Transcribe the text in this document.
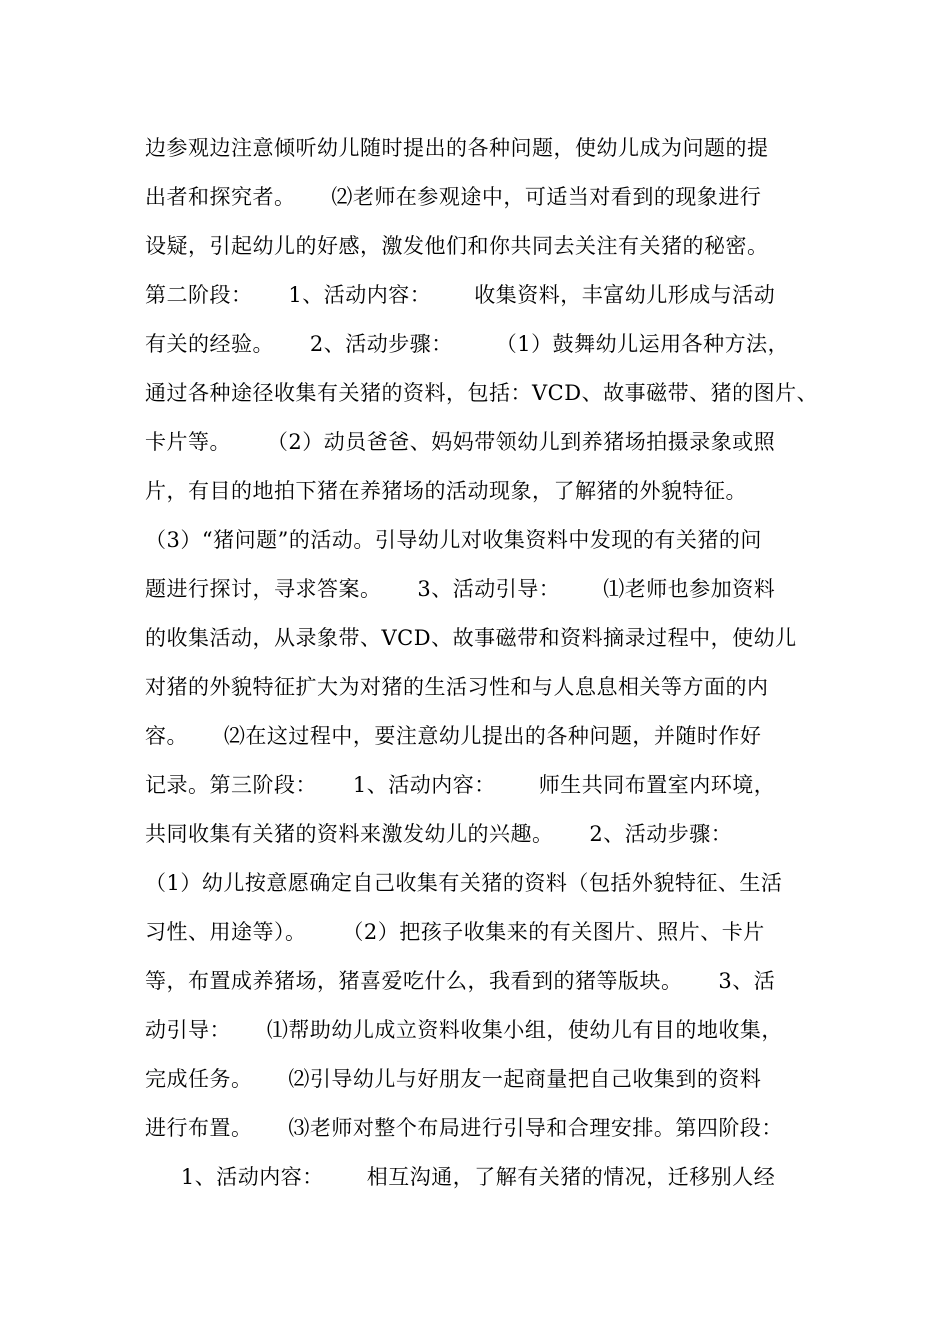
边参观边注意倾听幼儿随时提出的各种问题，使幼儿成为问题的提
出者和探究者。     ⑵老师在参观途中，可适当对看到的现象进行
设疑，引起幼儿的好感，激发他们和你共同去关注有关猪的秘密。
第二阶段：     1、活动内容：      收集资料，丰富幼儿形成与活动
有关的经验。     2、活动步骤：      （1）鼓舞幼儿运用各种方法，
通过各种途径收集有关猪的资料，包括：VCD、故事磁带、猪的图片、
卡片等。     （2）动员爸爸、妈妈带领幼儿到养猪场拍摄录象或照
片，有目的地拍下猪在养猪场的活动现象，了解猪的外貌特征。
（3）“猪问题”的活动。引导幼儿对收集资料中发现的有关猪的问
题进行探讨，寻求答案。     3、活动引导：      ⑴老师也参加资料
的收集活动，从录象带、VCD、故事磁带和资料摘录过程中，使幼儿
对猪的外貌特征扩大为对猪的生活习性和与人息息相关等方面的内
容。     ⑵在这过程中，要注意幼儿提出的各种问题，并随时作好
记录。第三阶段：     1、活动内容：      师生共同布置室内环境，
共同收集有关猪的资料来激发幼儿的兴趣。     2、活动步骤：
（1）幼儿按意愿确定自己收集有关猪的资料（包括外貌特征、生活
习性、用途等）。     （2）把孩子收集来的有关图片、照片、卡片
等，布置成养猪场，猪喜爱吃什么，我看到的猪等版块。     3、活
动引导：     ⑴帮助幼儿成立资料收集小组，使幼儿有目的地收集，
完成任务。     ⑵引导幼儿与好朋友一起商量把自己收集到的资料
进行布置。     ⑶老师对整个布局进行引导和合理安排。第四阶段：
1、活动内容：      相互沟通，了解有关猪的情况，迁移别人经
